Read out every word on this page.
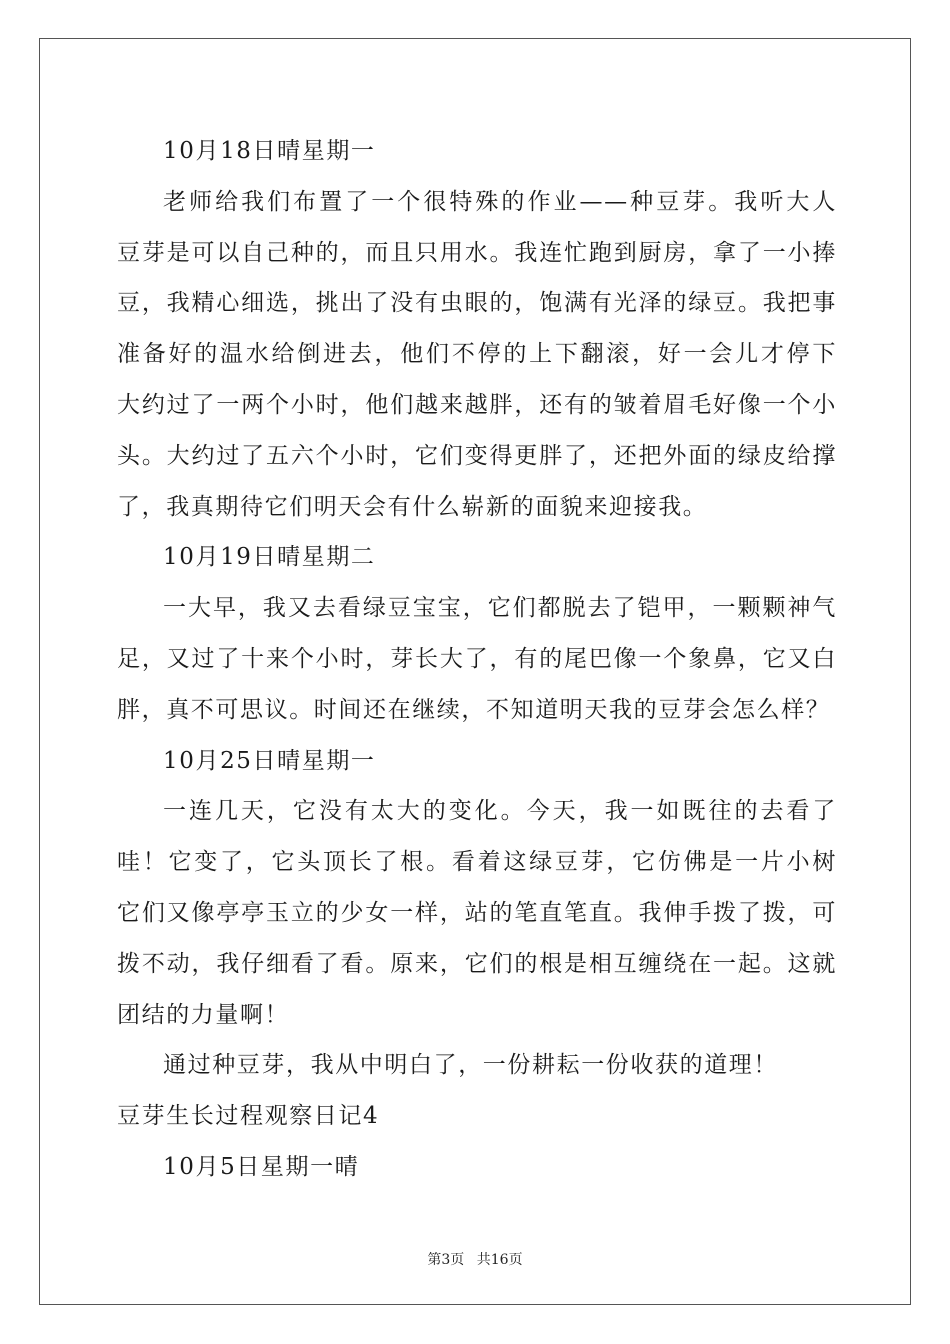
10月18日晴星期一
老师给我们布置了一个很特殊的作业——种豆芽。我听大人
豆芽是可以自己种的，而且只用水。我连忙跑到厨房，拿了一小捧
豆，我精心细选，挑出了没有虫眼的，饱满有光泽的绿豆。我把事
准备好的温水给倒进去，他们不停的上下翻滚，好一会儿才停下
大约过了一两个小时，他们越来越胖，还有的皱着眉毛好像一个小
头。大约过了五六个小时，它们变得更胖了，还把外面的绿皮给撑
了，我真期待它们明天会有什么崭新的面貌来迎接我。
10月19日晴星期二
一大早，我又去看绿豆宝宝，它们都脱去了铠甲，一颗颗神气
足，又过了十来个小时，芽长大了，有的尾巴像一个象鼻，它又白
胖，真不可思议。时间还在继续，不知道明天我的豆芽会怎么样？
10月25日晴星期一
一连几天，它没有太大的变化。今天，我一如既往的去看了
哇！它变了，它头顶长了根。看着这绿豆芽，它仿佛是一片小树
它们又像亭亭玉立的少女一样，站的笔直笔直。我伸手拨了拨，可
拨不动，我仔细看了看。原来，它们的根是相互缠绕在一起。这就
团结的力量啊！
通过种豆芽，我从中明白了，一份耕耘一份收获的道理！
豆芽生长过程观察日记4
10月5日星期一晴
第3页 共16页
